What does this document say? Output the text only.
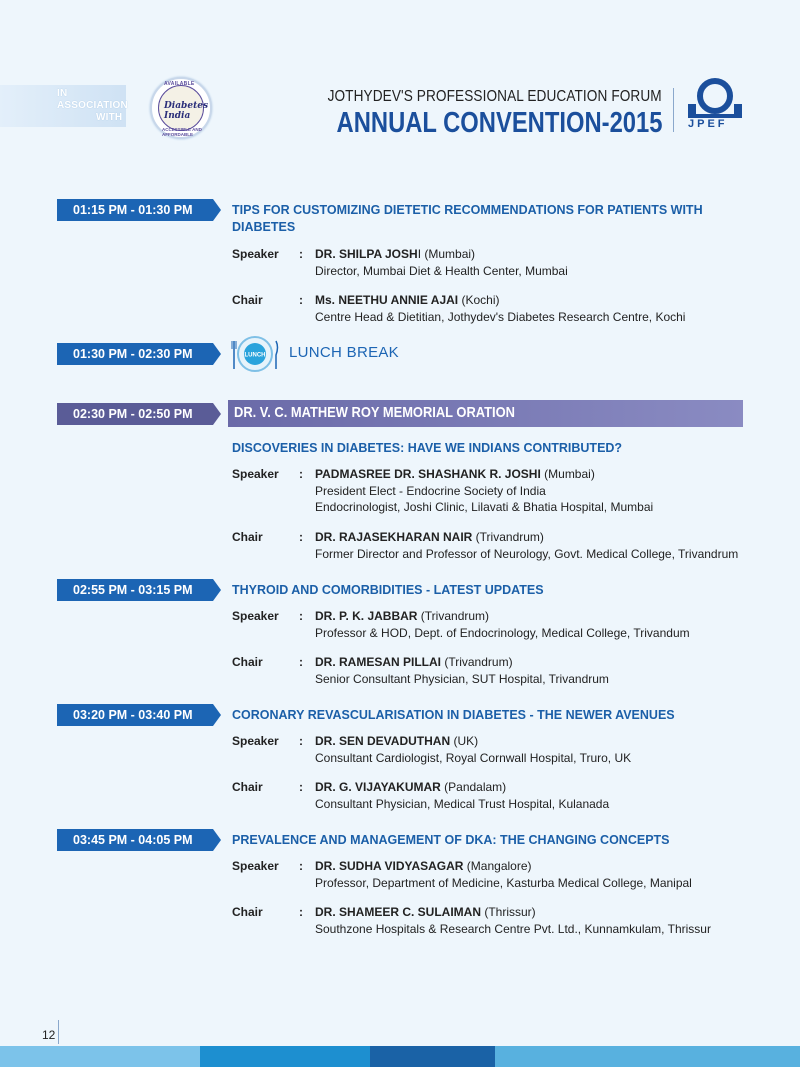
IN
ASSOCIATION
WITH
AVAILABLE
Diabetes India
ACCESSIBLE AND AFFORDABLE
JOTHYDEV'S PROFESSIONAL EDUCATION FORUM
ANNUAL CONVENTION-2015 JPEF
01:15 PM - 01:30 PM	TIPS FOR CUSTOMIZING DIETETIC RECOMMENDATIONS FOR PATIENTS WITH
DIABETES
Speaker : DR. SHILPA JOSHI (Mumbai)
Director, Mumbai Diet & Health Center, Mumbai
Chair	: Ms. NEETHU ANNIE AJAI (Kochi)
Centre Head & Dietitian, Jothydev's Diabetes Research Centre, Kochi
01:30 PM - 02:30 PM	LUNCH LUNCH BREAK
02:30 PM - 02:50 PM	DR. V. C. MATHEW ROY MEMORIAL ORATION
DISCOVERIES IN DIABETES: HAVE WE INDIANS CONTRIBUTED?
Speaker : PADMASREE DR. SHASHANK R. JOSHI (Mumbai)
President Elect - Endocrine Society of India
Endocrinologist, Joshi Clinic, Lilavati & Bhatia Hospital, Mumbai
Chair	: DR. RAJASEKHARAN NAIR (Trivandrum)
Former Director and Professor of Neurology, Govt. Medical College, Trivandrum
02:55 PM - 03:15 PM	THYROID AND COMORBIDITIES - LATEST UPDATES
Speaker : DR. P. K. JABBAR (Trivandrum)
Professor & HOD, Dept. of Endocrinology, Medical College, Trivandum
Chair	: DR. RAMESAN PILLAI (Trivandrum)
Senior Consultant Physician, SUT Hospital, Trivandrum
03:20 PM - 03:40 PM	CORONARY REVASCULARISATION IN DIABETES - THE NEWER AVENUES
Speaker : DR. SEN DEVADUTHAN (UK)
Consultant Cardiologist, Royal Cornwall Hospital, Truro, UK
Chair	: DR. G. VIJAYAKUMAR (Pandalam)
Consultant Physician, Medical Trust Hospital, Kulanada
03:45 PM - 04:05 PM	PREVALENCE AND MANAGEMENT OF DKA: THE CHANGING CONCEPTS
Speaker : DR. SUDHA VIDYASAGAR (Mangalore)
Professor, Department of Medicine, Kasturba Medical College, Manipal
Chair	: DR. SHAMEER C. SULAIMAN (Thrissur)
Southzone Hospitals & Research Centre Pvt. Ltd., Kunnamkulam, Thrissur
12
